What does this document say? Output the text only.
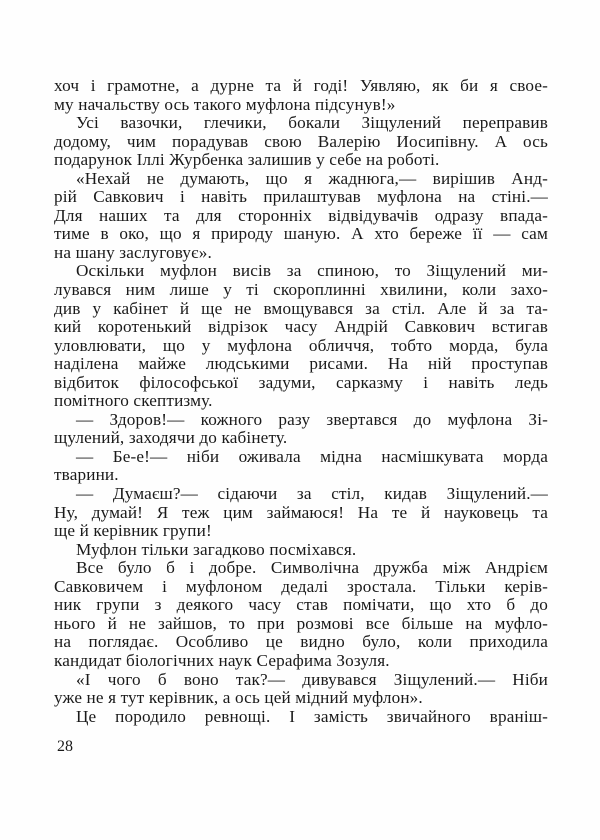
хоч і грамотне, а дурне та й годі! Уявляю, як би я свое-
му начальству ось такого муфлона підсунув!»
Усі вазочки, глечики, бокали Зіщулений переправив
додому, чим порадував свою Валерію Иосипівну. А ось
подарунок Іллі Журбенка залишив у себе на роботі.
«Нехай не думають, що я жаднюга,— вирішив Анд-
рій Савкович і навіть прилаштував муфлона на стіні.—
Для наших та для сторонніх відвідувачів одразу впада-
тиме в око, що я природу шаную. А хто береже її — сам
на шану заслуговує».
Оскільки муфлон висів за спиною, то Зіщулений ми-
лувався ним лише у ті скороплинні хвилини, коли захо-
див у кабінет й ще не вмощувався за стіл. Але й за та-
кий коротенький відрізок часу Андрій Савкович встигав
уловлювати, що у муфлона обличчя, тобто морда, була
наділена майже людськими рисами. На ній проступав
відбиток філософської задуми, сарказму і навіть ледь
помітного скептизму.
— Здоров!— кожного разу звертався до муфлона Зі-
щулений, заходячи до кабінету.
— Бе-е!— ніби оживала мідна насмішкувата морда
тварини.
— Думаєш?— сідаючи за стіл, кидав Зіщулений.—
Ну, думай! Я теж цим займаюся! На те й науковець та
ще й керівник групи!
Муфлон тільки загадково посміхався.
Все було б і добре. Символічна дружба між Андрієм
Савковичем і муфлоном дедалі зростала. Тільки керів-
ник групи з деякого часу став помічати, що хто б до
нього й не зайшов, то при розмові все більше на муфло-
на поглядає. Особливо це видно було, коли приходила
кандидат біологічних наук Серафима Зозуля.
«І чого б воно так?— дивувався Зіщулений.— Ніби
уже не я тут керівник, а ось цей мідний муфлон».
Це породило ревнощі. І замість звичайного враніш-
28
